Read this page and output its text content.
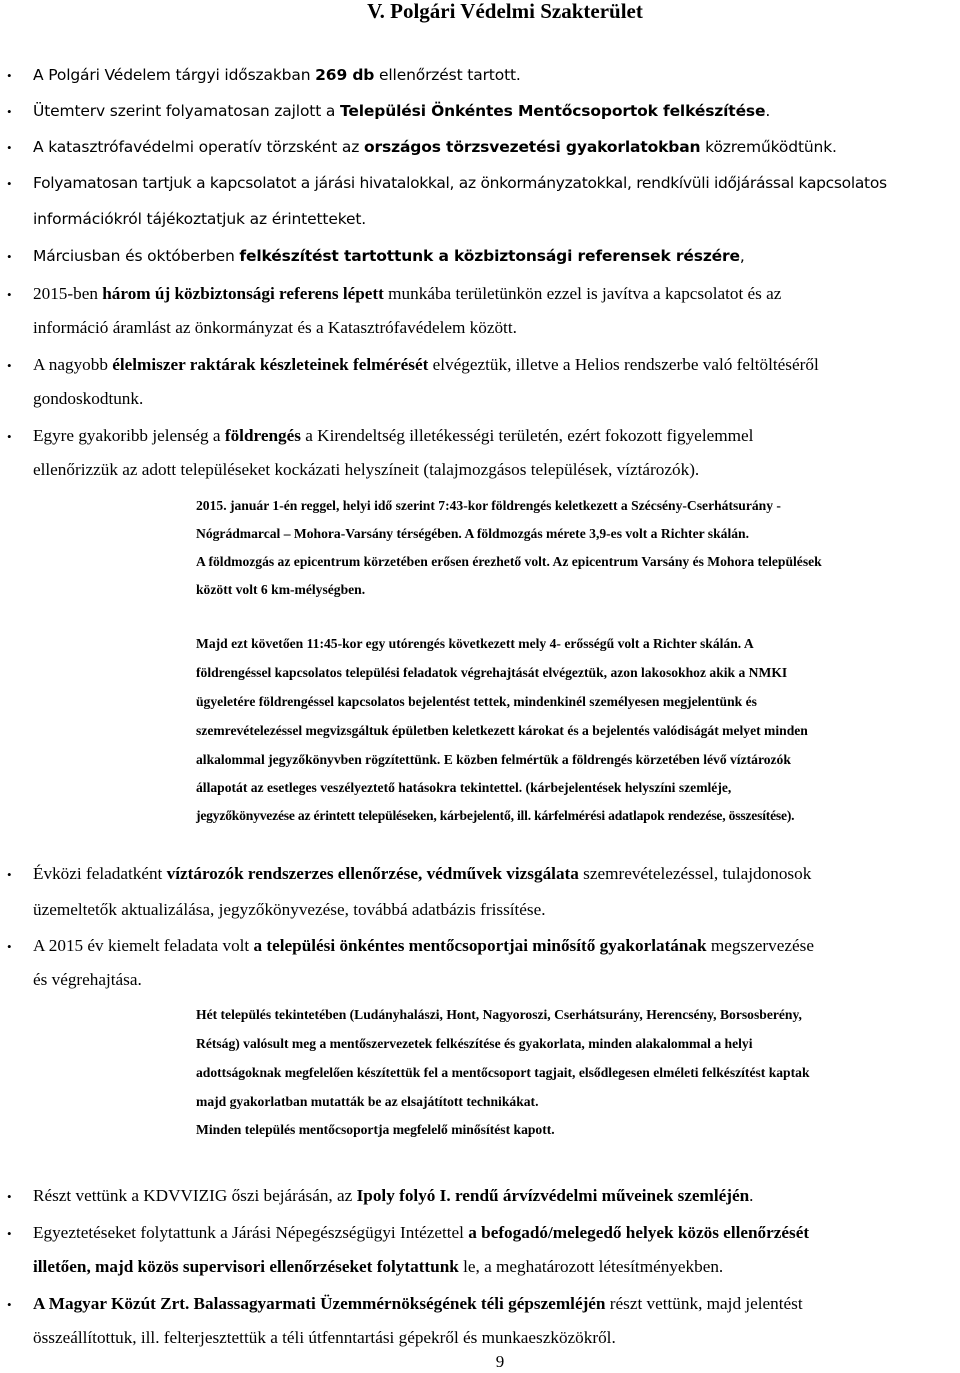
V. Polgári Védelmi Szakterület
• A Polgári Védelem tárgyi időszakban 269 db ellenőrzést tartott.
• Ütemterv szerint folyamatosan zajlott a Települési Önkéntes Mentőcsoportok felkészítése.
• A katasztrófavédelmi operatív törzsként az országos törzsvezetési gyakorlatokban közreműködtünk.
• Folyamatosan tartjuk a kapcsolatot a járási hivatalokkal, az önkormányzatokkal, rendkívüli időjárással kapcsolatos
információkról tájékoztatjuk az érintetteket.
• Márciusban és októberben felkészítést tartottunk a közbiztonsági referensek részére,
• 2015-ben három új közbiztonsági referens lépett munkába területünkön ezzel is javítva a kapcsolatot és az
információ áramlást az önkormányzat és a Katasztrófavédelem között.
• A nagyobb élelmiszer raktárak készleteinek felmérését elvégeztük, illetve a Helios rendszerbe való feltöltéséről
gondoskodtunk.
• Egyre gyakoribb jelenség a földrengés a Kirendeltség illetékességi területén, ezért fokozott figyelemmel
ellenőrizzük az adott településeket kockázati helyszíneit (talajmozgásos települések, víztározók).
2015. január 1-én reggel, helyi idő szerint 7:43-kor földrengés keletkezett a Szécsény-Cserhátsurány -
Nógrádmarcal – Mohora-Varsány térségében. A földmozgás mérete 3,9-es volt a Richter skálán.
A földmozgás az epicentrum körzetében erősen érezhető volt. Az epicentrum Varsány és Mohora települések
között volt 6 km-mélységben.
Majd ezt követően 11:45-kor egy utórengés következett mely 4- erősségű volt a Richter skálán. A
földrengéssel kapcsolatos települési feladatok végrehajtását elvégeztük, azon lakosokhoz akik a NMKI
ügyeletére földrengéssel kapcsolatos bejelentést tettek, mindenkinél személyesen megjelentünk és
szemrevételezéssel megvizsgáltuk épületben keletkezett károkat és a bejelentés valódiságát melyet minden
alkalommal jegyzőkönyvben rögzítettünk. E közben felmértük a földrengés körzetében lévő víztározók
állapotát az esetleges veszélyeztető hatásokra tekintettel. (kárbejelentések helyszíni szemléje,
jegyzőkönyvezése az érintett településeken, kárbejelentő, ill. kárfelmérési adatlapok rendezése, összesítése).
• Évközi feladatként víztározók rendszerzes ellenőrzése, védművek vizsgálata szemrevételezéssel, tulajdonosok
üzemeltetők aktualizálása, jegyzőkönyvezése, továbbá adatbázis frissítése.
• A 2015 év kiemelt feladata volt a települési önkéntes mentőcsoportjai minősítő gyakorlatának megszervezése
és végrehajtása.
Hét település tekintetében (Ludányhalászi, Hont, Nagyoroszi, Cserhátsurány, Herencsény, Borsosberény,
Rétság) valósult meg a mentőszervezetek felkészítése és gyakorlata, minden alakalommal a helyi
adottságoknak megfelelően készítettük fel a mentőcsoport tagjait, elsődlegesen elméleti felkészítést kaptak
majd gyakorlatban mutatták be az elsajátított technikákat.
Minden település mentőcsoportja megfelelő minősítést kapott.
• Részt vettünk a KDVVIZIG őszi bejárásán, az Ipoly folyó I. rendű árvízvédelmi műveinek szemléjén.
• Egyeztetéseket folytattunk a Járási Népegészségügyi Intézettel a befogadó/melegedő helyek közös ellenőrzését
illetően, majd közös supervisori ellenőrzéseket folytattunk le, a meghatározott létesítményekben.
• A Magyar Közút Zrt. Balassagyarmati Üzemmérnökségének téli gépszemléjén részt vettünk, majd jelentést
összeállítottuk, ill. felterjesztettük a téli útfenntartási gépekről és munkaeszközökről.
9
